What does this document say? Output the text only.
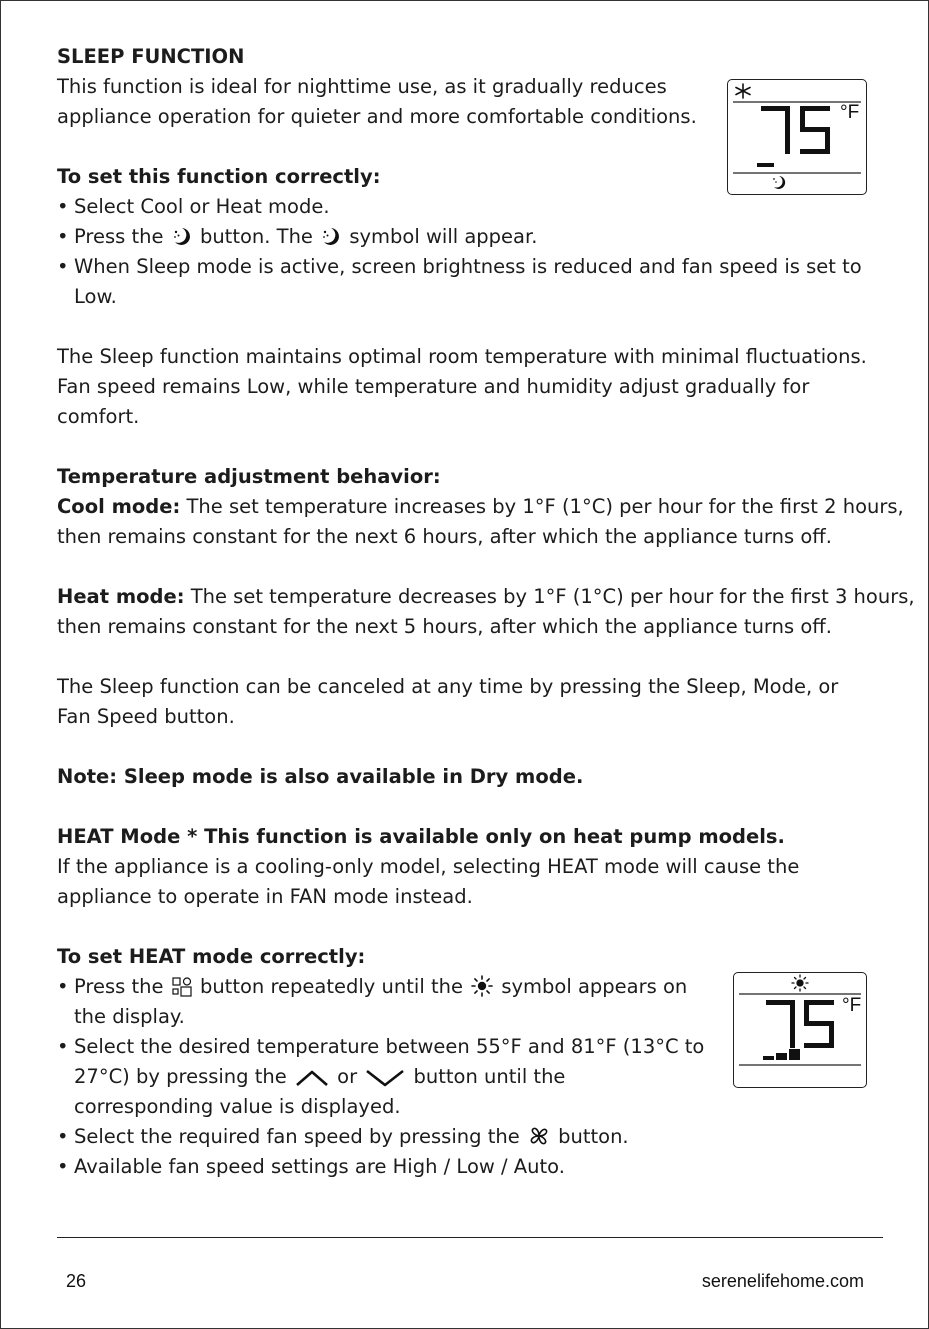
SLEEP FUNCTION
This function is ideal for nighttime use, as it gradually reduces
appliance operation for quieter and more comfortable conditions.
To set this function correctly:
• Select Cool or Heat mode.
• Press the button. The symbol will appear.
• When Sleep mode is active, screen brightness is reduced and fan speed is set to
Low.
The Sleep function maintains optimal room temperature with minimal fluctuations.
Fan speed remains Low, while temperature and humidity adjust gradually for
comfort.
Temperature adjustment behavior:
Cool mode: The set temperature increases by 1°F (1°C) per hour for the first 2 hours,
then remains constant for the next 6 hours, after which the appliance turns off.
Heat mode: The set temperature decreases by 1°F (1°C) per hour for the first 3 hours,
then remains constant for the next 5 hours, after which the appliance turns off.
The Sleep function can be canceled at any time by pressing the Sleep, Mode, or
Fan Speed button.
Note: Sleep mode is also available in Dry mode.
HEAT Mode * This function is available only on heat pump models.
If the appliance is a cooling-only model, selecting HEAT mode will cause the
appliance to operate in FAN mode instead.
To set HEAT mode correctly:
• Press the button repeatedly until the symbol appears on
the display.
• Select the desired temperature between 55°F and 81°F (13°C to
27°C) by pressing the	or	button until the
corresponding value is displayed.
• Select the required fan speed by pressing the button.
• Available fan speed settings are High / Low / Auto.
°F
°F
26	serenelifehome.com
